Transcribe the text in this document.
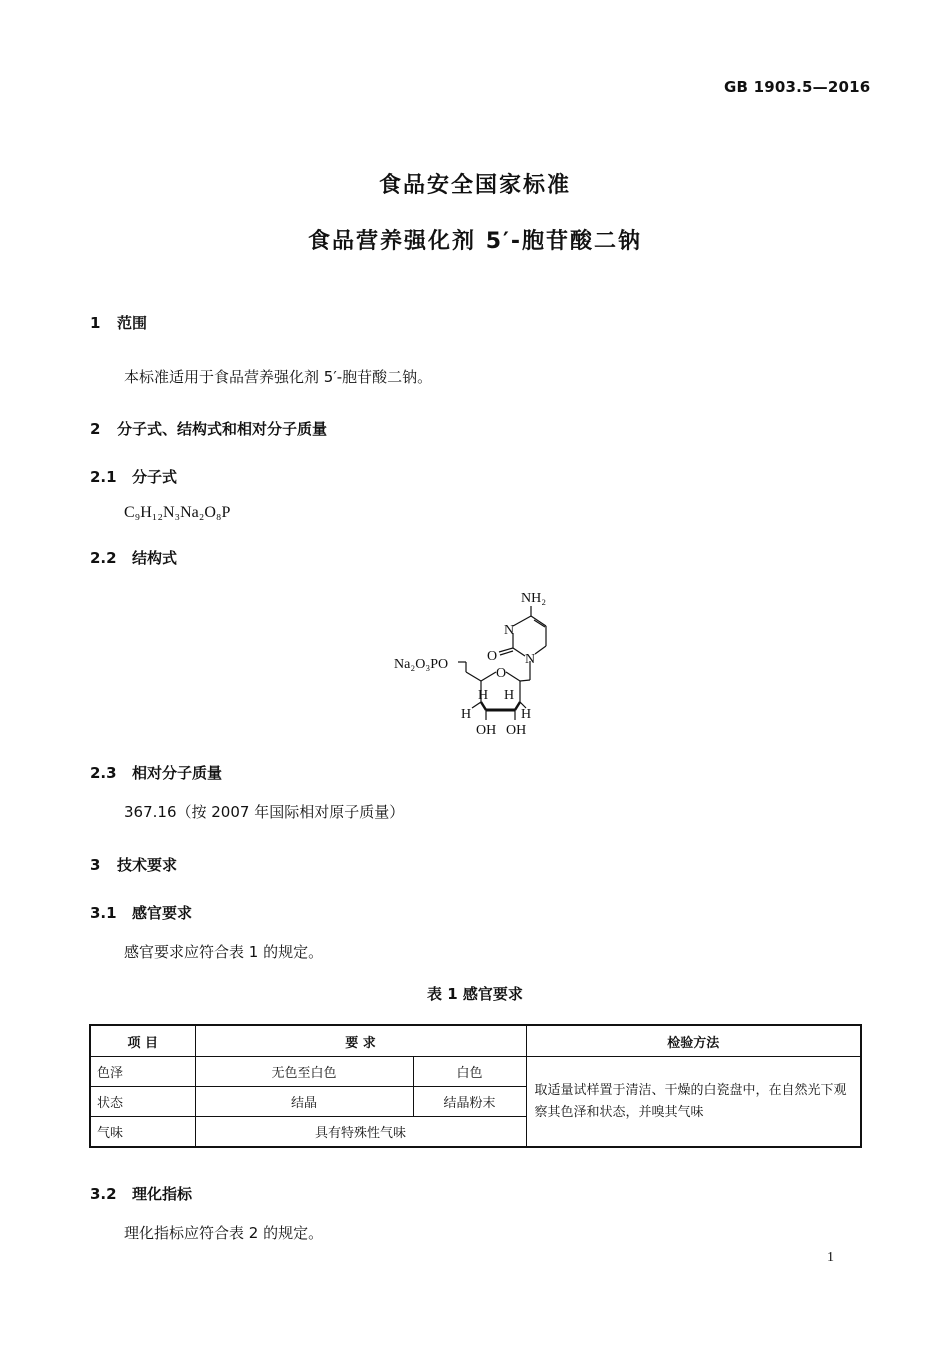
GB 1903.5—2016
食品安全国家标准
食品营养强化剂 5′-胞苷酸二钠
1 范围
本标准适用于食品营养强化剂 5′-胞苷酸二钠。
2 分子式、结构式和相对分子质量
2.1 分子式
C₉H₁₂N₃Na₂O₈P
2.2 结构式
NH₂
N
N
O
O
Na₂O₃PO
H H
H	H
OH OH
2.3 相对分子质量
367.16（按 2007 年国际相对原子质量）
3 技术要求
3.1 感官要求
感官要求应符合表 1 的规定。
表 1 感官要求
项 目	要 求		检验方法
色泽	无色至白色	白色	取适量试样置于清洁、干燥的白瓷盘中，在自然光下观察其色泽和状态，并嗅其气味
状态	结晶	结晶粉末	
气味	具有特殊性气味		
3.2 理化指标
理化指标应符合表 2 的规定。
1
